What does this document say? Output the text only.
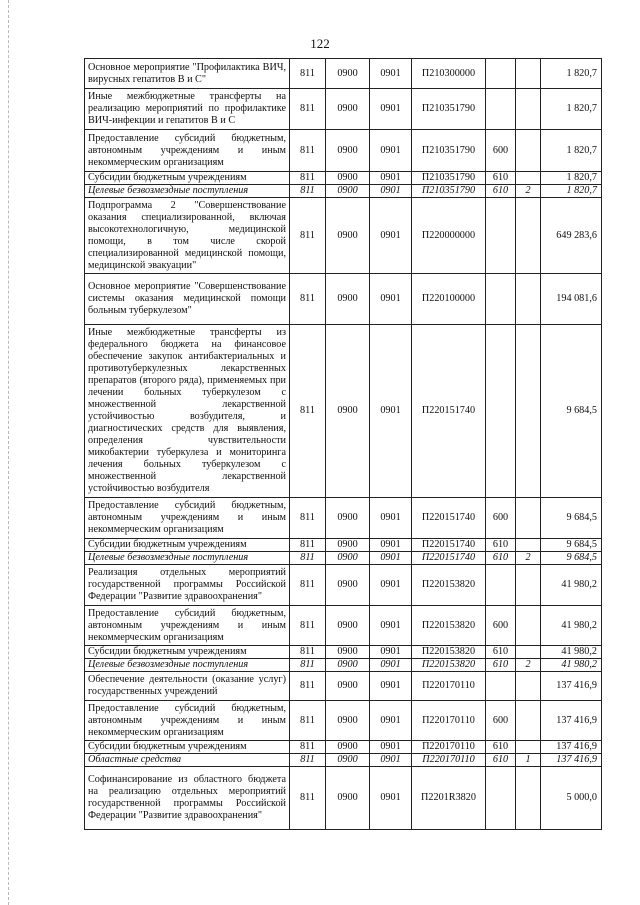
122
Основное мероприятие "Профилактика ВИЧ, вирусных гепатитов В и С"	811	0900	0901	П210300000			1 820,7
Иные межбюджетные трансферты на реализацию мероприятий по профилактике ВИЧ-инфекции и гепатитов В и С	811	0900	0901	П210351790			1 820,7
Предоставление субсидий бюджетным, автономным учреждениям и иным некоммерческим организациям	811	0900	0901	П210351790	600		1 820,7
Субсидии бюджетным учреждениям	811	0900	0901	П210351790	610		1 820,7
Целевые безвозмездные поступления	811	0900	0901	П210351790	610	2	1 820,7
Подпрограмма 2 "Совершенствование оказания специализированной, включая высокотехнологичную, медицинской помощи, в том числе скорой специализированной медицинской помощи, медицинской эвакуации"	811	0900	0901	П220000000			649 283,6
Основное мероприятие "Совершенствование системы оказания медицинской помощи больным туберкулезом"	811	0900	0901	П220100000			194 081,6
Иные межбюджетные трансферты из федерального бюджета на финансовое обеспечение закупок антибактериальных и противотуберкулезных лекарственных препаратов (второго ряда), применяемых при лечении больных туберкулезом с множественной лекарственной устойчивостью возбудителя, и диагностических средств для выявления, определения чувствительности микобактерии туберкулеза и мониторинга лечения больных туберкулезом с множественной лекарственной устойчивостью возбудителя	811	0900	0901	П220151740			9 684,5
Предоставление субсидий бюджетным, автономным учреждениям и иным некоммерческим организациям	811	0900	0901	П220151740	600		9 684,5
Субсидии бюджетным учреждениям	811	0900	0901	П220151740	610		9 684,5
Целевые безвозмездные поступления	811	0900	0901	П220151740	610	2	9 684,5
Реализация отдельных мероприятий государственной программы Российской Федерации "Развитие здравоохранения"	811	0900	0901	П220153820			41 980,2
Предоставление субсидий бюджетным, автономным учреждениям и иным некоммерческим организациям	811	0900	0901	П220153820	600		41 980,2
Субсидии бюджетным учреждениям	811	0900	0901	П220153820	610		41 980,2
Целевые безвозмездные поступления	811	0900	0901	П220153820	610	2	41 980,2
Обеспечение деятельности (оказание услуг) государственных учреждений	811	0900	0901	П220170110			137 416,9
Предоставление субсидий бюджетным, автономным учреждениям и иным некоммерческим организациям	811	0900	0901	П220170110	600		137 416,9
Субсидии бюджетным учреждениям	811	0900	0901	П220170110	610		137 416,9
Областные средства	811	0900	0901	П220170110	610	1	137 416,9
Софинансирование из областного бюджета на реализацию отдельных мероприятий государственной программы Российской Федерации "Развитие здравоохранения"	811	0900	0901	П2201R3820			5 000,0
